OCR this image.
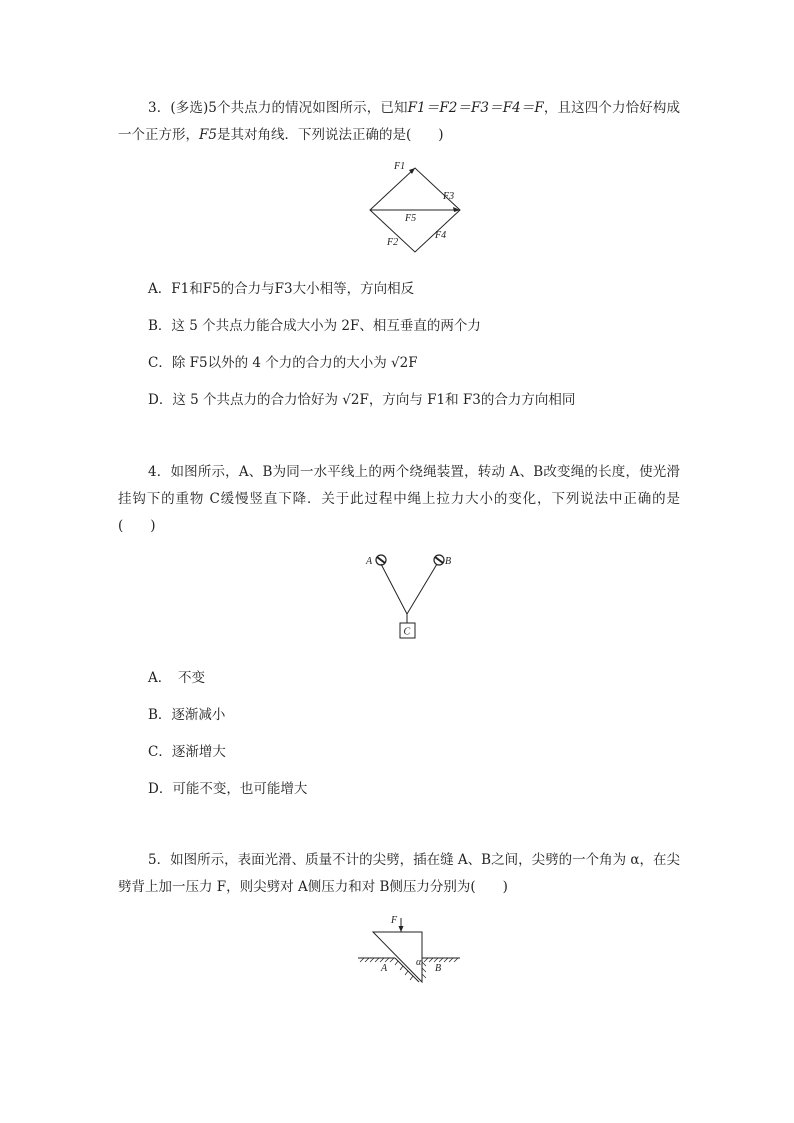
3．(多选)5个共点力的情况如图所示，已知F1＝F2＝F3＝F4＝F，且这四个力恰好构成一个正方形，F5是其对角线．下列说法正确的是(　　)

F1
F3
F5
F2
F4
A．F1和F5的合力与F3大小相等，方向相反
B．这 5 个共点力能合成大小为 2F、相互垂直的两个力
C．除 F5以外的 4 个力的合力的大小为 √2F
D．这 5 个共点力的合力恰好为 √2F，方向与 F1和 F3的合力方向相同

4．如图所示，A、B为同一水平线上的两个绕绳装置，转动 A、B改变绳的长度，使光滑挂钩下的重物 C缓慢竖直下降．关于此过程中绳上拉力大小的变化，下列说法中正确的是(　　)

A	B
C
A．　不变
B．逐渐减小
C．逐渐增大
D．可能不变，也可能增大

5．如图所示，表面光滑、质量不计的尖劈，插在缝 A、B之间，尖劈的一个角为 α，在尖劈背上加一压力 F，则尖劈对 A侧压力和对 B侧压力分别为(　　)

F
A
α
B
